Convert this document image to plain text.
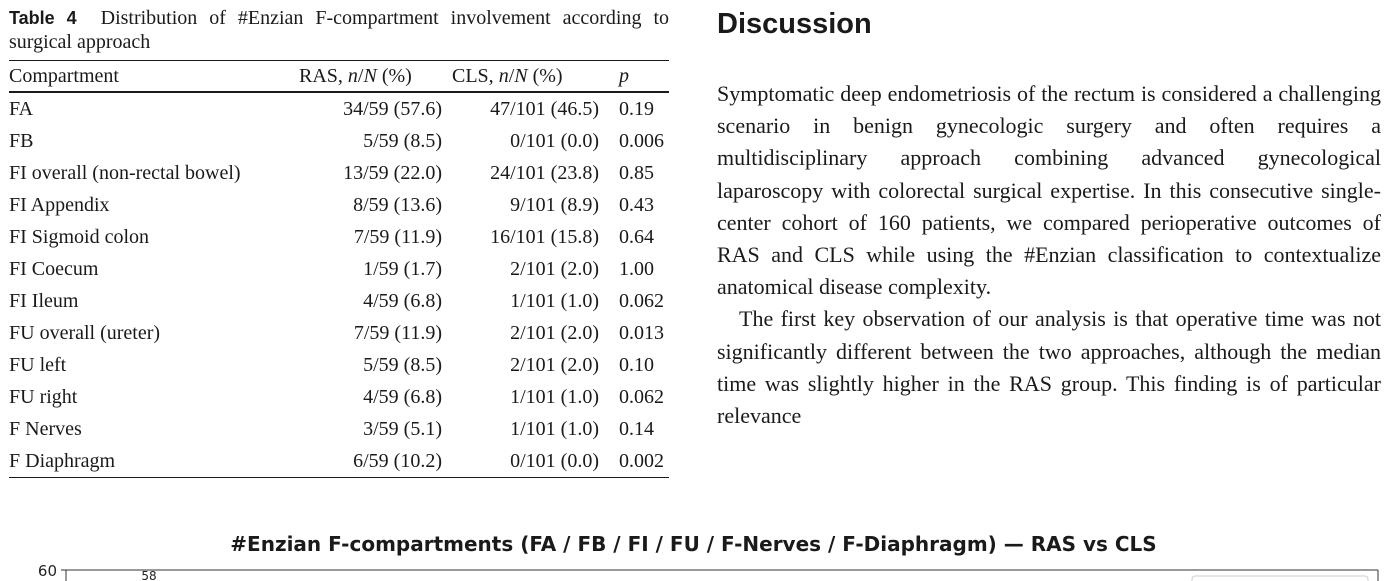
Table 4 Distribution of #Enzian F-compartment involvement according to surgical approach
Compartment	RAS, n/N (%)	CLS, n/N (%)	p
FA	34/59 (57.6)	47/101 (46.5)	0.19
FB	5/59 (8.5)	0/101 (0.0)	0.006
FI overall (non-rectal bowel)	13/59 (22.0)	24/101 (23.8)	0.85
FI Appendix	8/59 (13.6)	9/101 (8.9)	0.43
FI Sigmoid colon	7/59 (11.9)	16/101 (15.8)	0.64
FI Coecum	1/59 (1.7)	2/101 (2.0)	1.00
FI Ileum	4/59 (6.8)	1/101 (1.0)	0.062
FU overall (ureter)	7/59 (11.9)	2/101 (2.0)	0.013
FU left	5/59 (8.5)	2/101 (2.0)	0.10
FU right	4/59 (6.8)	1/101 (1.0)	0.062
F Nerves	3/59 (5.1)	1/101 (1.0)	0.14
F Diaphragm	6/59 (10.2)	0/101 (0.0)	0.002
Discussion

Symptomatic deep endometriosis of the rectum is considered a challenging scenario in benign gynecologic surgery and often requires a multidisciplinary approach combining advanced gynecological laparoscopy with colorectal surgical expertise. In this consecutive single-center cohort of 160 patients, we compared perioperative outcomes of RAS and CLS while using the #Enzian classification to contextualize anatomical disease complexity.

The first key observation of our analysis is that operative time was not significantly different between the two approaches, although the median time was slightly higher in the RAS group. This finding is of particular relevance

#Enzian F-compartments (FA / FB / FI / FU / F-Nerves / F-Diaphragm) — RAS vs CLS
60	58
